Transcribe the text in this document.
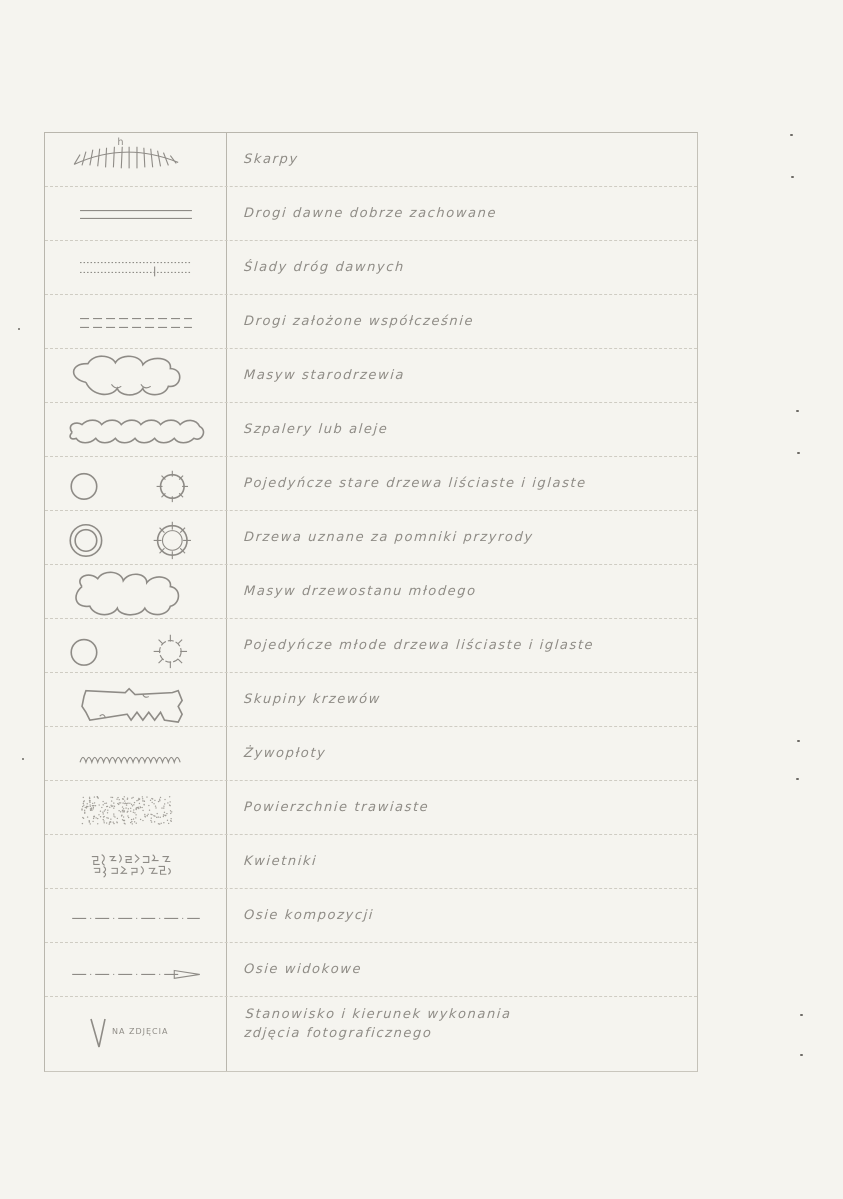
h
Skarpy
Drogi dawne dobrze zachowane
Ślady dróg dawnych
Drogi założone współcześnie
Masyw starodrzewia
Szpalery lub aleje
Pojedyńcze stare drzewa liściaste i iglaste
Drzewa uznane za pomniki przyrody
Masyw drzewostanu młodego
Pojedyńcze młode drzewa liściaste i iglaste
Skupiny krzewów
Żywopłoty
Powierzchnie trawiaste
Kwietniki
Osie kompozycji
Osie widokowe
NA ZDJĘCIA
Stanowisko i kierunek wykonania
zdjęcia fotograficznego
